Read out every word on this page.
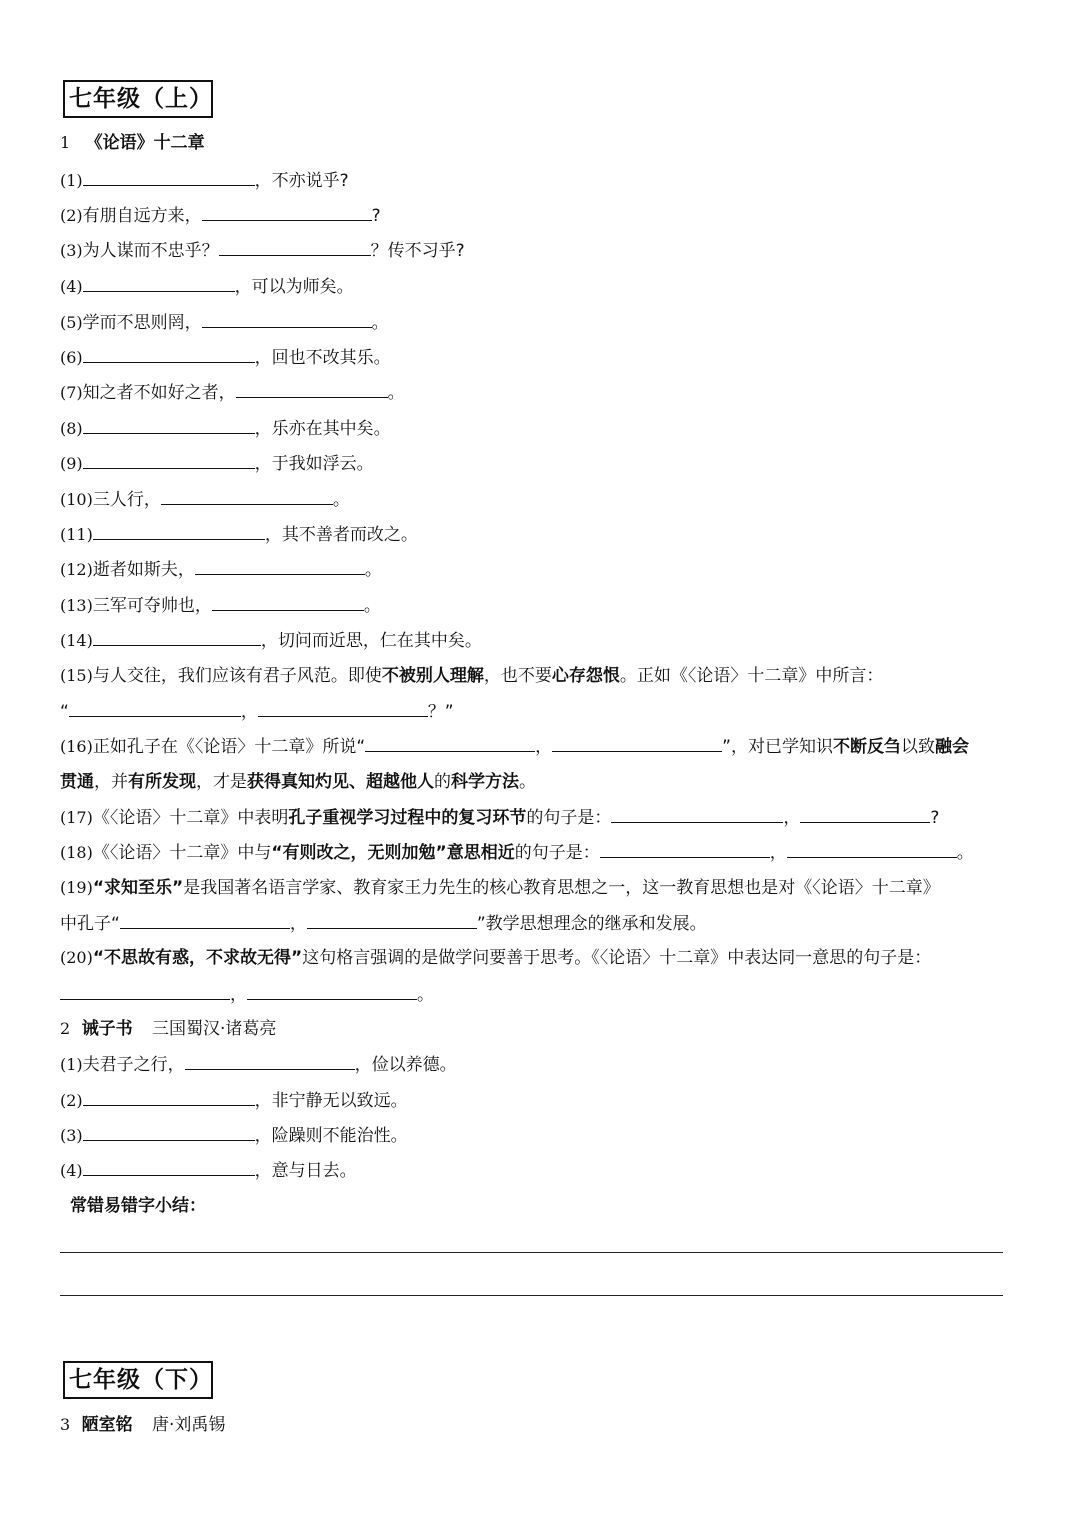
七年级（上）
1 《论语》十二章
(1)	，不亦说乎?
(2)有朋自远方来，	?
(3)为人谋而不忠乎？	？传不习乎?
(4)	，可以为师矣。
(5)学而不思则罔，	。
(6)	，回也不改其乐。
(7)知之者不如好之者，	。
(8)	，乐亦在其中矣。
(9)	，于我如浮云。
(10)三人行，	。
(11)	，其不善者而改之。
(12)逝者如斯夫，	。
(13)三军可夺帅也，	。
(14)	，切问而近思，仁在其中矣。
(15)与人交往，我们应该有君子风范。即使不被别人理解，也不要心存怨恨。正如《〈论语〉十二章》中所言：
“	，	？”
(16)正如孔子在《〈论语〉十二章》所说“	，	”，对已学知识不断反刍以致融会
贯通，并有所发现，才是获得真知灼见、超越他人的科学方法。
(17)《〈论语〉十二章》中表明孔子重视学习过程中的复习环节的句子是：	，	?
(18)《〈论语〉十二章》中与“有则改之，无则加勉”意思相近的句子是：	，	。
(19)“求知至乐”是我国著名语言学家、教育家王力先生的核心教育思想之一，这一教育思想也是对《〈论语〉十二章》
中孔子“	，	”教学思想理念的继承和发展。
(20)“不思故有惑，不求故无得”这句格言强调的是做学问要善于思考。《〈论语〉十二章》中表达同一意思的句子是：
，	。
2 诫子书 三国蜀汉·诸葛亮
(1)夫君子之行，	，俭以养德。
(2)	，非宁静无以致远。
(3)	，险躁则不能治性。
(4)	，意与日去。
常错易错字小结：
七年级（下）
3 陋室铭 唐·刘禹锡
